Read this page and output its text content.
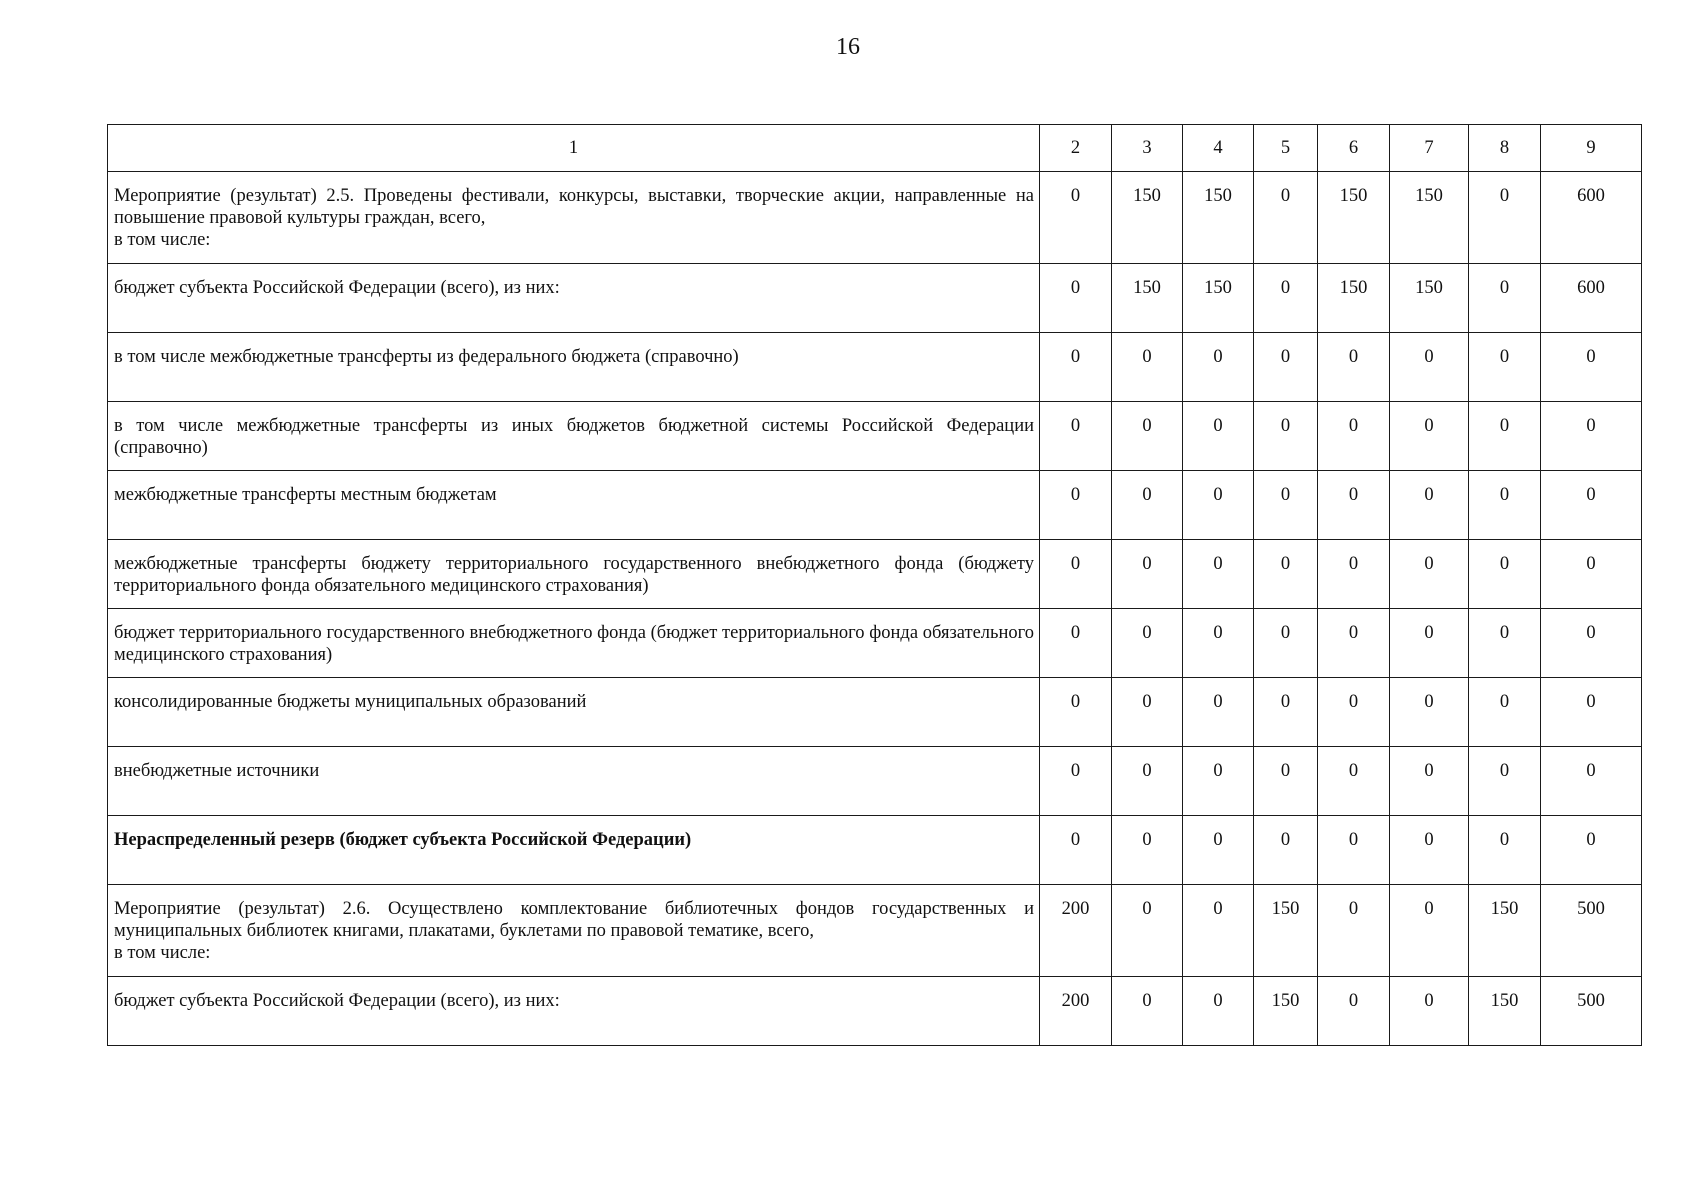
16
1	2	3	4	5	6	7	8	9
Мероприятие (результат) 2.5. Проведены фестивали, конкурсы, выставки, творческие акции, направленные на повышение правовой культуры граждан, всего,
в том числе:	0	150	150	0	150	150	0	600
бюджет субъекта Российской Федерации (всего), из них:	0	150	150	0	150	150	0	600
в том числе межбюджетные трансферты из федерального бюджета (справочно)	0	0	0	0	0	0	0	0
в том числе межбюджетные трансферты из иных бюджетов бюджетной системы Российской Федерации (справочно)	0	0	0	0	0	0	0	0
межбюджетные трансферты местным бюджетам	0	0	0	0	0	0	0	0
межбюджетные трансферты бюджету территориального государственного внебюджетного фонда (бюджету территориального фонда обязательного медицинского страхования)	0	0	0	0	0	0	0	0
бюджет территориального государственного внебюджетного фонда (бюджет территориального фонда обязательного медицинского страхования)	0	0	0	0	0	0	0	0
консолидированные бюджеты муниципальных образований	0	0	0	0	0	0	0	0
внебюджетные источники	0	0	0	0	0	0	0	0
Нераспределенный резерв (бюджет субъекта Российской Федерации)	0	0	0	0	0	0	0	0
Мероприятие (результат) 2.6. Осуществлено комплектование библиотечных фондов государственных и муниципальных библиотек книгами, плакатами, буклетами по правовой тематике, всего,
в том числе:	200	0	0	150	0	0	150	500
бюджет субъекта Российской Федерации (всего), из них:	200	0	0	150	0	0	150	500
